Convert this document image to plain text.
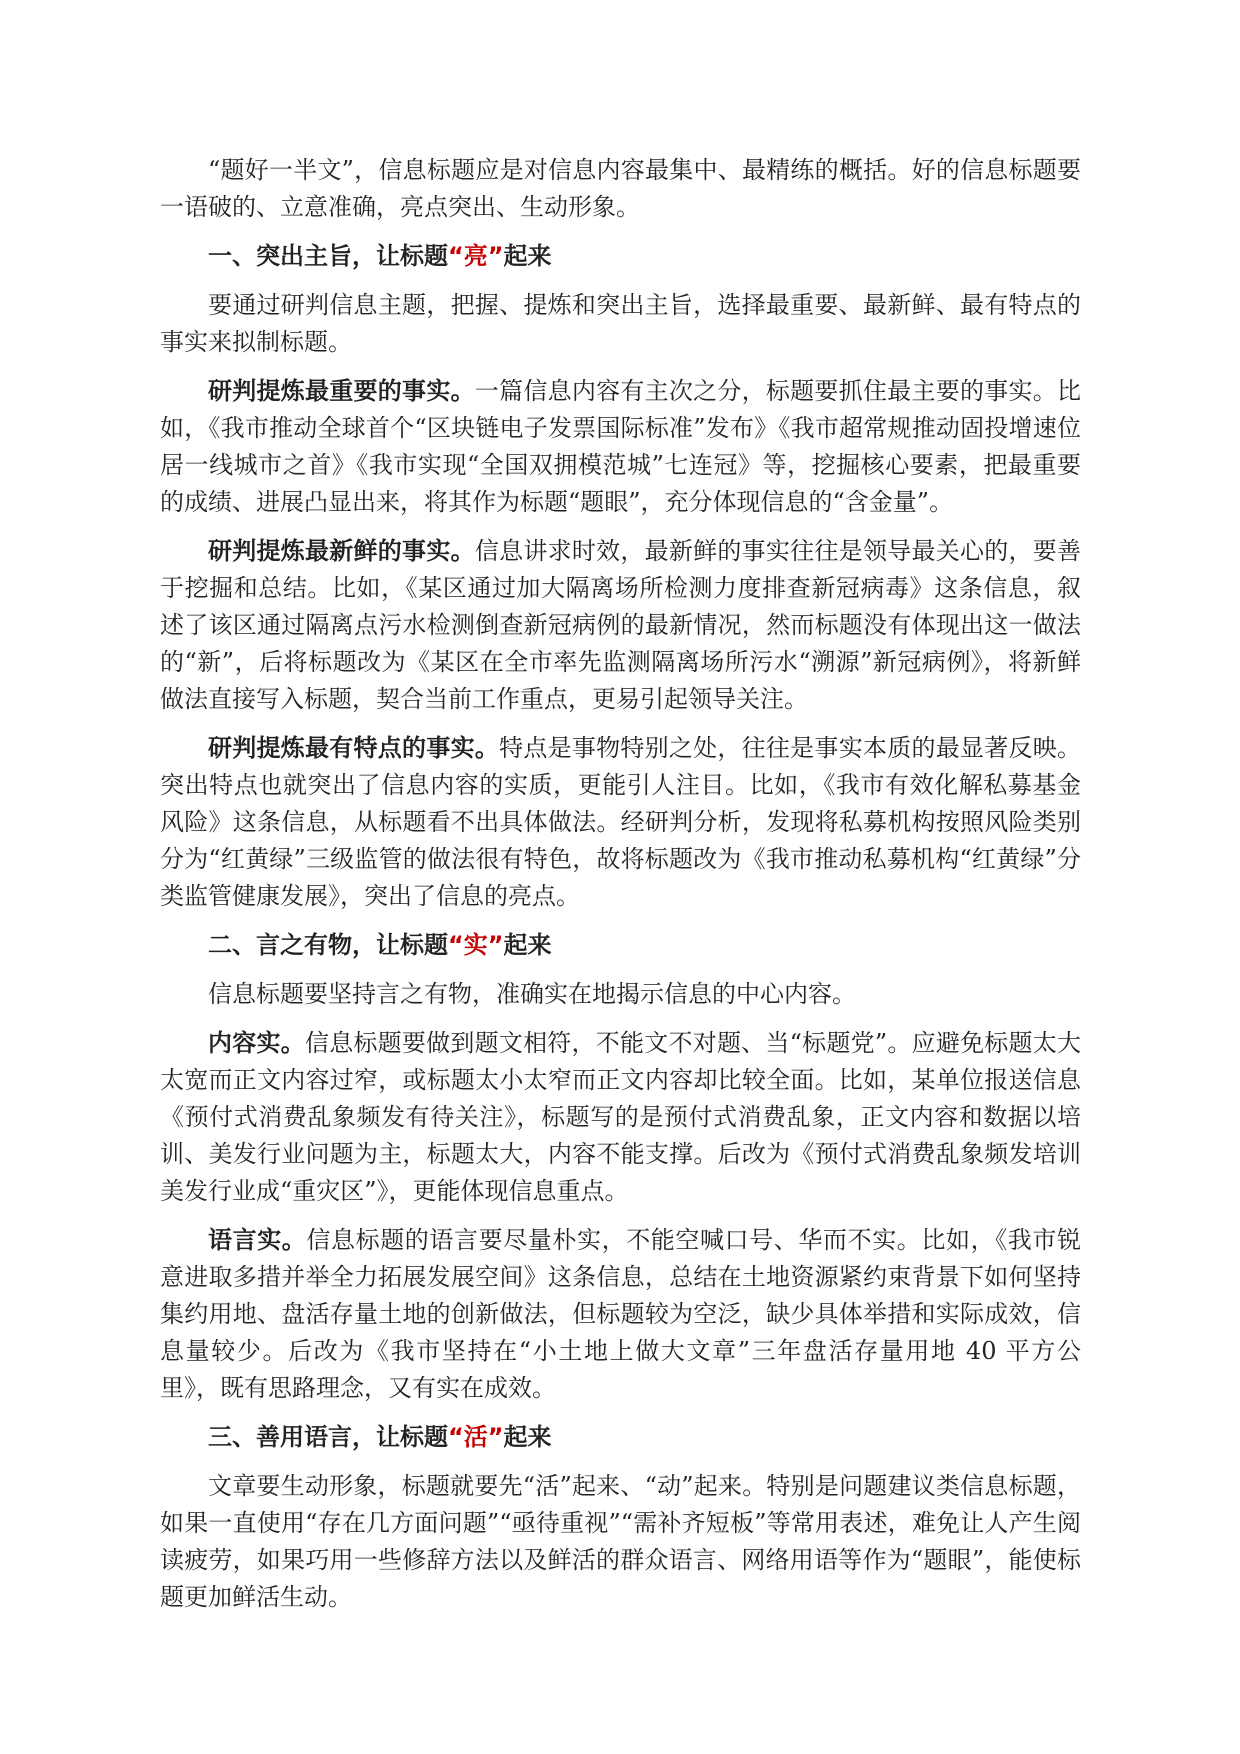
“题好一半文”，信息标题应是对信息内容最集中、最精练的概括。好的信息标题要一语破的、立意准确，亮点突出、生动形象。

一、突出主旨，让标题“亮”起来

要通过研判信息主题，把握、提炼和突出主旨，选择最重要、最新鲜、最有特点的事实来拟制标题。

研判提炼最重要的事实。一篇信息内容有主次之分，标题要抓住最主要的事实。比如，《我市推动全球首个“区块链电子发票国际标准”发布》《我市超常规推动固投增速位居一线城市之首》《我市实现“全国双拥模范城”七连冠》等，挖掘核心要素，把最重要的成绩、进展凸显出来，将其作为标题“题眼”，充分体现信息的“含金量”。

研判提炼最新鲜的事实。信息讲求时效，最新鲜的事实往往是领导最关心的，要善于挖掘和总结。比如，《某区通过加大隔离场所检测力度排查新冠病毒》这条信息，叙述了该区通过隔离点污水检测倒查新冠病例的最新情况，然而标题没有体现出这一做法的“新”，后将标题改为《某区在全市率先监测隔离场所污水“溯源”新冠病例》，将新鲜做法直接写入标题，契合当前工作重点，更易引起领导关注。

研判提炼最有特点的事实。特点是事物特别之处，往往是事实本质的最显著反映。突出特点也就突出了信息内容的实质，更能引人注目。比如，《我市有效化解私募基金风险》这条信息，从标题看不出具体做法。经研判分析，发现将私募机构按照风险类别分为“红黄绿”三级监管的做法很有特色，故将标题改为《我市推动私募机构“红黄绿”分类监管健康发展》，突出了信息的亮点。

二、言之有物，让标题“实”起来

信息标题要坚持言之有物，准确实在地揭示信息的中心内容。

内容实。信息标题要做到题文相符，不能文不对题、当“标题党”。应避免标题太大太宽而正文内容过窄，或标题太小太窄而正文内容却比较全面。比如，某单位报送信息《预付式消费乱象频发有待关注》，标题写的是预付式消费乱象，正文内容和数据以培训、美发行业问题为主，标题太大，内容不能支撑。后改为《预付式消费乱象频发培训美发行业成“重灾区”》，更能体现信息重点。

语言实。信息标题的语言要尽量朴实，不能空喊口号、华而不实。比如，《我市锐意进取多措并举全力拓展发展空间》这条信息，总结在土地资源紧约束背景下如何坚持集约用地、盘活存量土地的创新做法，但标题较为空泛，缺少具体举措和实际成效，信息量较少。后改为《我市坚持在“小土地上做大文章”三年盘活存量用地 40 平方公里》，既有思路理念，又有实在成效。

三、善用语言，让标题“活”起来

文章要生动形象，标题就要先“活”起来、“动”起来。特别是问题建议类信息标题，如果一直使用“存在几方面问题”“亟待重视”“需补齐短板”等常用表述，难免让人产生阅读疲劳，如果巧用一些修辞方法以及鲜活的群众语言、网络用语等作为“题眼”，能使标题更加鲜活生动。
